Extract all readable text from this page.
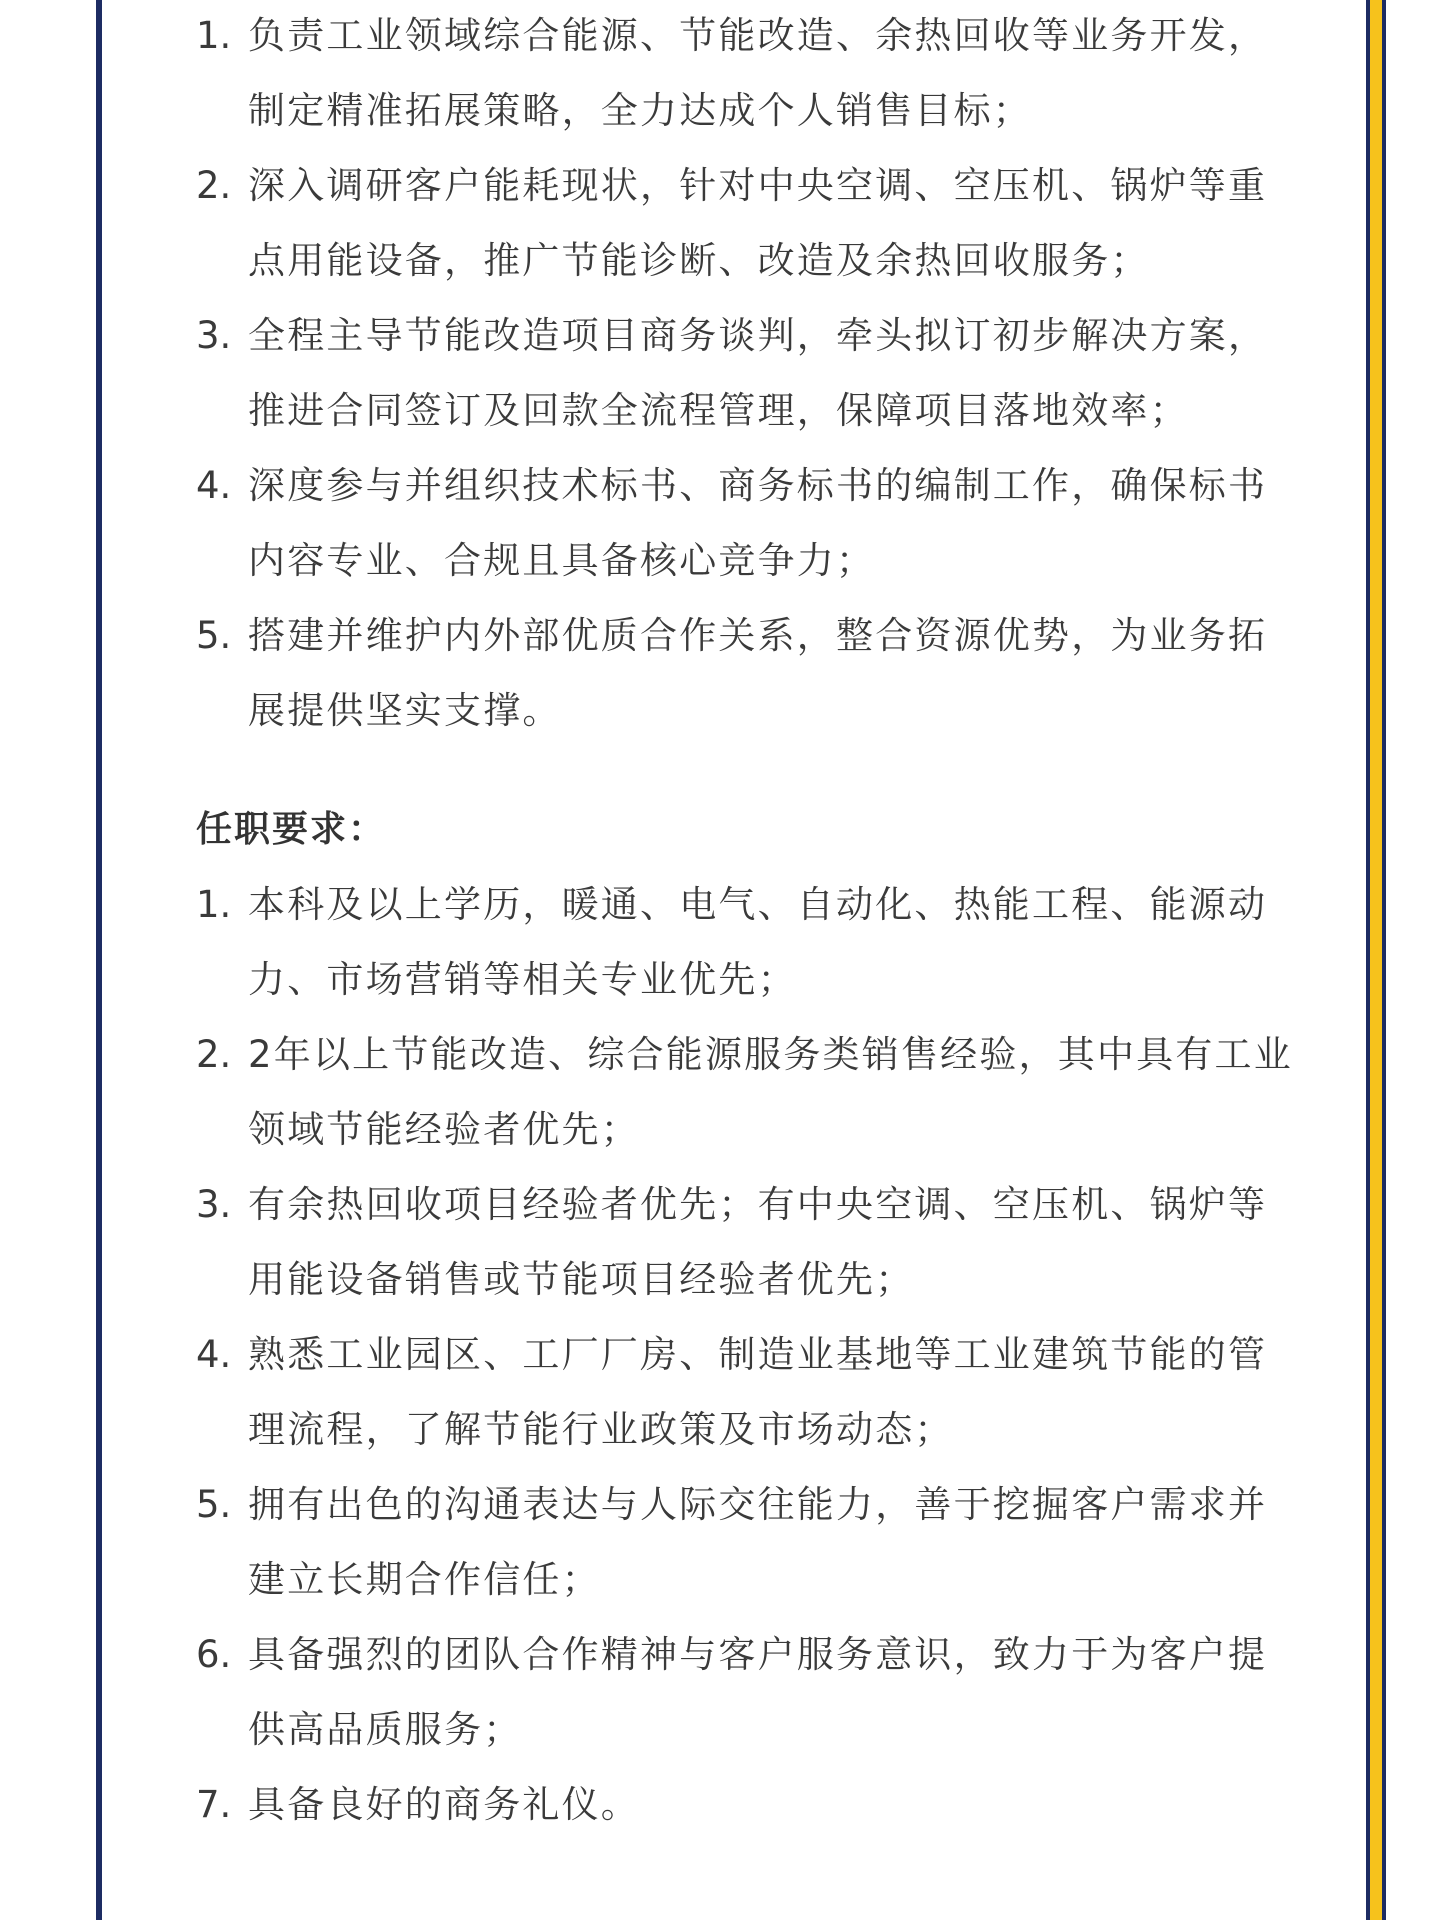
1. 负责工业领域综合能源、节能改造、余热回收等业务开发，
制定精准拓展策略，全力达成个人销售目标；
2. 深入调研客户能耗现状，针对中央空调、空压机、锅炉等重
点用能设备，推广节能诊断、改造及余热回收服务；
3. 全程主导节能改造项目商务谈判，牵头拟订初步解决方案，
推进合同签订及回款全流程管理，保障项目落地效率；
4. 深度参与并组织技术标书、商务标书的编制工作，确保标书
内容专业、合规且具备核心竞争力；
5. 搭建并维护内外部优质合作关系，整合资源优势，为业务拓
展提供坚实支撑。
任职要求：
1. 本科及以上学历，暖通、电气、自动化、热能工程、能源动
力、市场营销等相关专业优先；
2. 2年以上节能改造、综合能源服务类销售经验，其中具有工业
领域节能经验者优先；
3. 有余热回收项目经验者优先；有中央空调、空压机、锅炉等
用能设备销售或节能项目经验者优先；
4. 熟悉工业园区、工厂厂房、制造业基地等工业建筑节能的管
理流程，了解节能行业政策及市场动态；
5. 拥有出色的沟通表达与人际交往能力，善于挖掘客户需求并
建立长期合作信任；
6. 具备强烈的团队合作精神与客户服务意识，致力于为客户提
供高品质服务；
7. 具备良好的商务礼仪。
